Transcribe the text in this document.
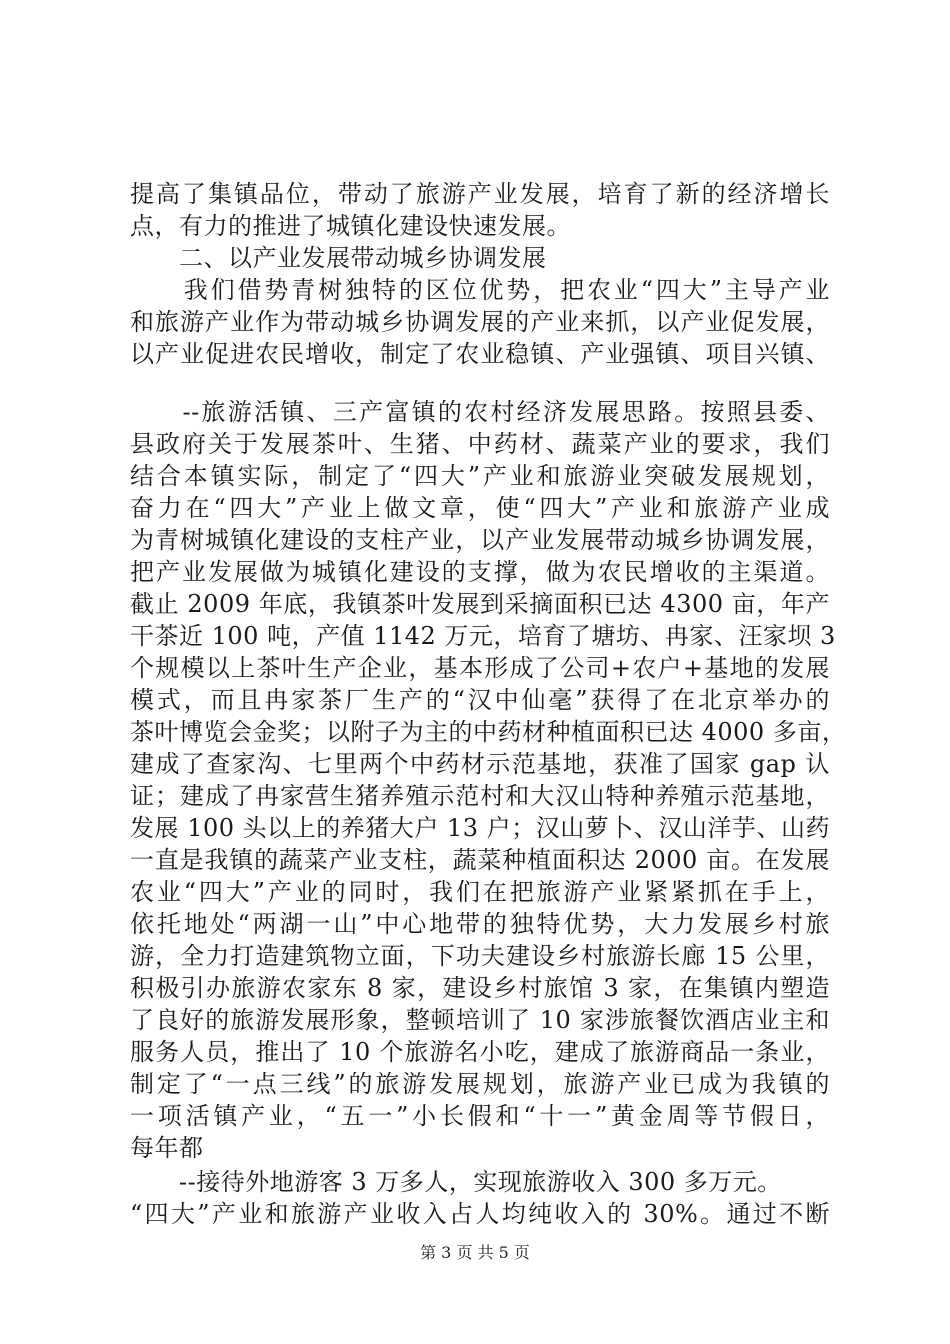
提高了集镇品位，带动了旅游产业发展，培育了新的经济增长
点，有力的推进了城镇化建设快速发展。
　　二、以产业发展带动城乡协调发展
　　我们借势青树独特的区位优势，把农业“四大”主导产业
和旅游产业作为带动城乡协调发展的产业来抓，以产业促发展，
以产业促进农民增收，制定了农业稳镇、产业强镇、项目兴镇、
　　--旅游活镇、三产富镇的农村经济发展思路。按照县委、
县政府关于发展茶叶、生猪、中药材、蔬菜产业的要求，我们
结合本镇实际，制定了“四大”产业和旅游业突破发展规划，
奋力在“四大”产业上做文章，使“四大”产业和旅游产业成
为青树城镇化建设的支柱产业，以产业发展带动城乡协调发展，
把产业发展做为城镇化建设的支撑，做为农民增收的主渠道。
截止 2009 年底，我镇茶叶发展到采摘面积已达 4300 亩，年产
干茶近 100 吨，产值 1142 万元，培育了塘坊、冉家、汪家坝 3
个规模以上茶叶生产企业，基本形成了公司+农户+基地的发展
模式，而且冉家茶厂生产的“汉中仙毫”获得了在北京举办的
茶叶博览会金奖；以附子为主的中药材种植面积已达 4000 多亩，
建成了查家沟、七里两个中药材示范基地，获准了国家 gap 认
证；建成了冉家营生猪养殖示范村和大汉山特种养殖示范基地，
发展 100 头以上的养猪大户 13 户；汉山萝卜、汉山洋芋、山药
一直是我镇的蔬菜产业支柱，蔬菜种植面积达 2000 亩。在发展
农业“四大”产业的同时，我们在把旅游产业紧紧抓在手上，
依托地处“两湖一山”中心地带的独特优势，大力发展乡村旅
游，全力打造建筑物立面，下功夫建设乡村旅游长廊 15 公里，
积极引办旅游农家东 8 家，建设乡村旅馆 3 家，在集镇内塑造
了良好的旅游发展形象，整顿培训了 10 家涉旅餐饮酒店业主和
服务人员，推出了 10 个旅游名小吃，建成了旅游商品一条业，
制定了“一点三线”的旅游发展规划，旅游产业已成为我镇的
一项活镇产业，“五一”小长假和“十一”黄金周等节假日，
每年都
　　--接待外地游客 3 万多人，实现旅游收入 300 多万元。
“四大”产业和旅游产业收入占人均纯收入的 30%。通过不断
第 3 页 共 5 页
